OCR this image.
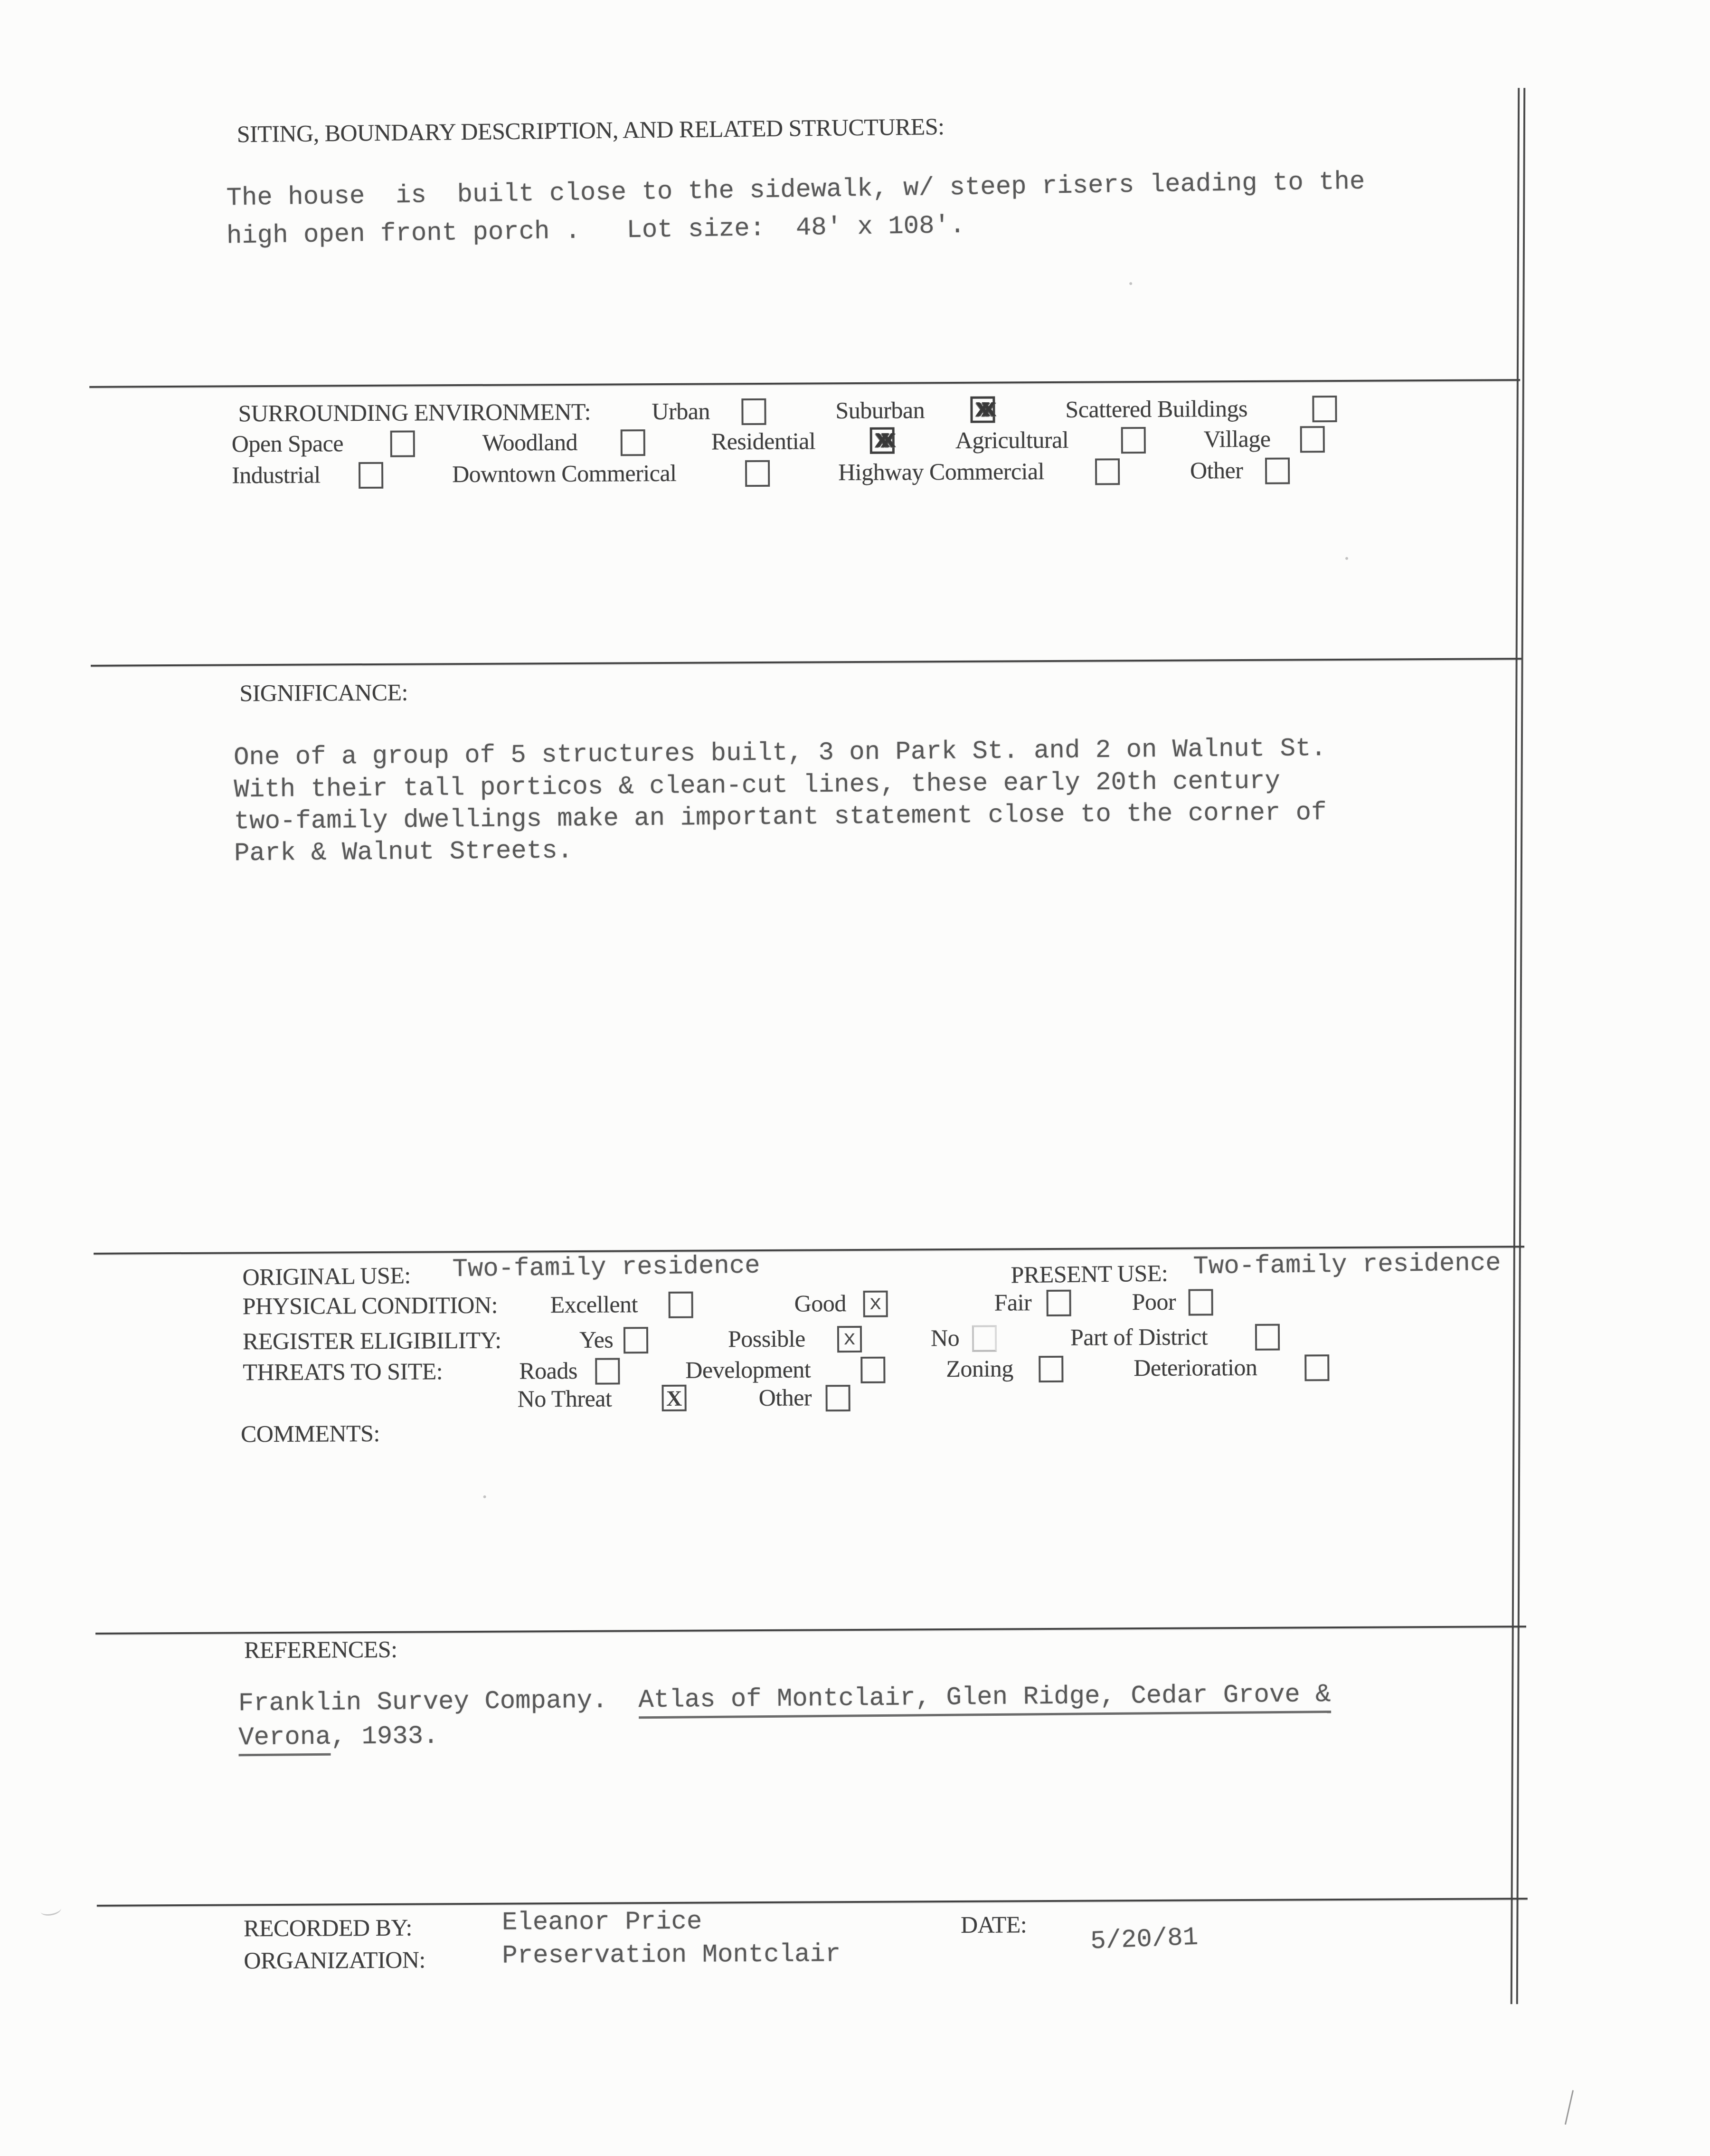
SITING, BOUNDARY DESCRIPTION, AND RELATED STRUCTURES:
The house  is  built close to the sidewalk, w/ steep risers leading to the
high open front porch .   Lot size:  48' x 108'.
SURROUNDING ENVIRONMENT:	Urban	Suburban xx	Scattered Buildings
Open Space	Woodland	Residential xx	Agricultural	Village
Industrial	Downtown Commerical	Highway Commercial	Other
SIGNIFICANCE:
One of a group of 5 structures built, 3 on Park St. and 2 on Walnut St.
With their tall porticos & clean-cut lines, these early 20th century
two-family dwellings make an important statement close to the corner of
Park & Walnut Streets.
ORIGINAL USE: Two-family residence	PRESENT USE: Two-family residence
PHYSICAL CONDITION: Excellent	Good x	Fair	Poor
REGISTER ELIGIBILITY:	Yes	Possible x	No	Part of District
THREATS TO SITE:	Roads	Development	Zoning	Deterioration
No Threat X	Other
COMMENTS:
REFERENCES:
Franklin Survey Company.  Atlas of Montclair, Glen Ridge, Cedar Grove &
Verona, 1933.
RECORDED BY:	Eleanor Price	DATE: 5/20/81
ORGANIZATION:	Preservation Montclair
